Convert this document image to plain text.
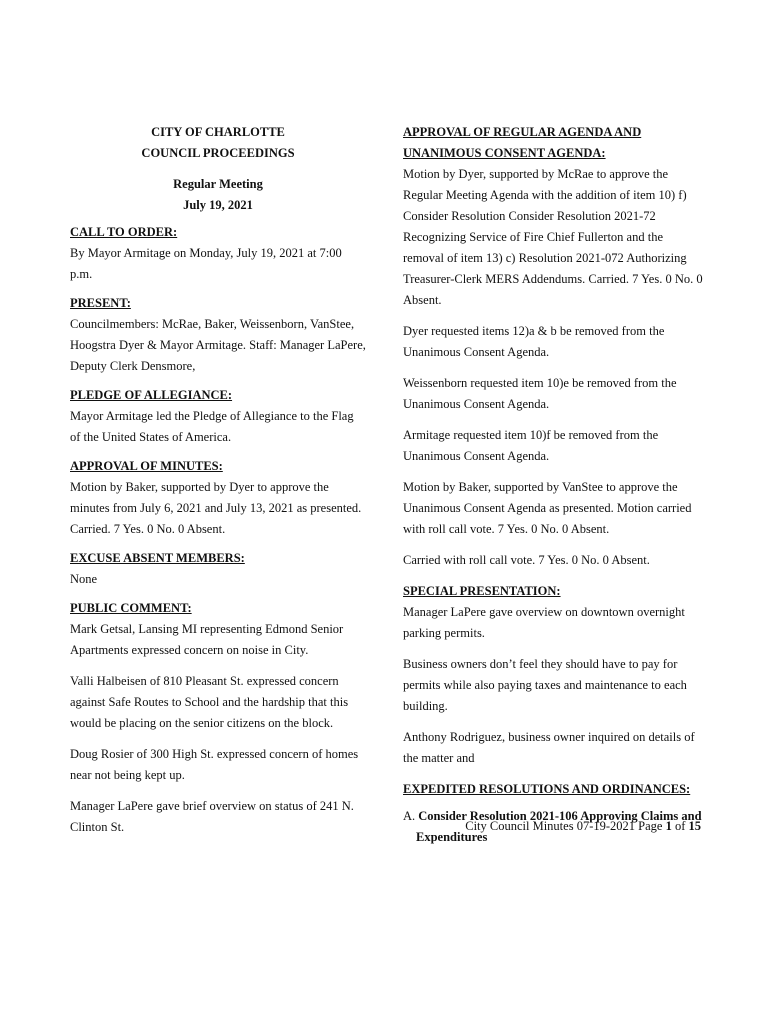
CITY OF CHARLOTTE
COUNCIL PROCEEDINGS
Regular Meeting
July 19, 2021
CALL TO ORDER:
By Mayor Armitage on Monday, July 19, 2021 at 7:00 p.m.
PRESENT:
Councilmembers: McRae, Baker, Weissenborn, VanStee, Hoogstra Dyer & Mayor Armitage. Staff: Manager LaPere, Deputy Clerk Densmore,
PLEDGE OF ALLEGIANCE:
Mayor Armitage led the Pledge of Allegiance to the Flag of the United States of America.
APPROVAL OF MINUTES:
Motion by Baker, supported by Dyer to approve the minutes from July 6, 2021 and July 13, 2021 as presented. Carried. 7 Yes. 0 No. 0 Absent.
EXCUSE ABSENT MEMBERS:
None
PUBLIC COMMENT:

Mark Getsal, Lansing MI representing Edmond Senior Apartments expressed concern on noise in City.

Valli Halbeisen of 810 Pleasant St. expressed concern against Safe Routes to School and the hardship that this would be placing on the senior citizens on the block.

Doug Rosier of 300 High St. expressed concern of homes near not being kept up.

Manager LaPere gave brief overview on status of 241 N. Clinton St.

APPROVAL OF REGULAR AGENDA AND UNANIMOUS CONSENT AGENDA:

Motion by Dyer, supported by McRae to approve the Regular Meeting Agenda with the addition of item 10) f) Consider Resolution Consider Resolution 2021-72 Recognizing Service of Fire Chief Fullerton and the removal of item 13) c) Resolution 2021-072 Authorizing Treasurer-Clerk MERS Addendums. Carried. 7 Yes. 0 No. 0 Absent.

Dyer requested items 12)a & b be removed from the Unanimous Consent Agenda.

Weissenborn requested item 10)e be removed from the Unanimous Consent Agenda.

Armitage requested item 10)f be removed from the Unanimous Consent Agenda.

Motion by Baker, supported by VanStee to approve the Unanimous Consent Agenda as presented. Motion carried with roll call vote. 7 Yes. 0 No. 0 Absent.

Carried with roll call vote. 7 Yes. 0 No. 0 Absent.

SPECIAL PRESENTATION:

Manager LaPere gave overview on downtown overnight parking permits.

Business owners don’t feel they should have to pay for permits while also paying taxes and maintenance to each building.

Anthony Rodriguez, business owner inquired on details of the matter and

EXPEDITED RESOLUTIONS AND ORDINANCES:
A. Consider Resolution 2021-106 Approving Claims and
Expenditures
City Council Minutes 07-19-2021 Page 1 of 15
